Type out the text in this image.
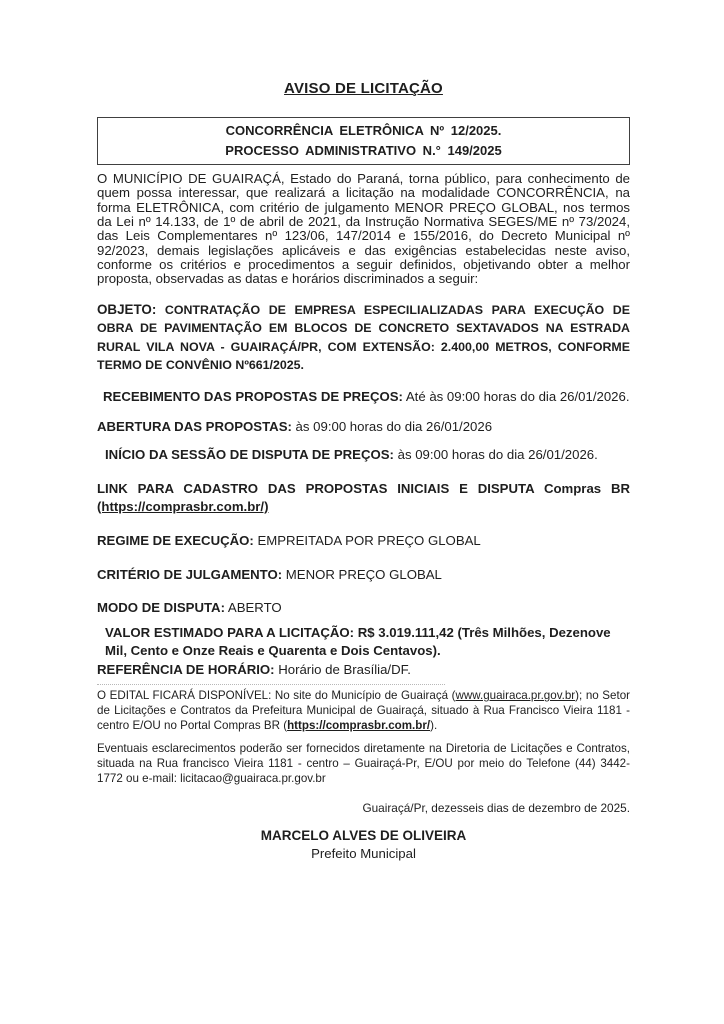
AVISO DE LICITAÇÃO

CONCORRÊNCIA ELETRÔNICA Nº 12/2025.

PROCESSO ADMINISTRATIVO N.° 149/2025

O MUNICÍPIO DE GUAIRAÇÁ, Estado do Paraná, torna público, para conhecimento de quem possa interessar, que realizará a licitação na modalidade CONCORRÊNCIA, na forma ELETRÔNICA, com critério de julgamento MENOR PREÇO GLOBAL, nos termos da Lei nº 14.133, de 1º de abril de 2021, da Instrução Normativa SEGES/ME nº 73/2024, das Leis Complementares nº 123/06, 147/2014 e 155/2016, do Decreto Municipal nº 92/2023, demais legislações aplicáveis e das exigências estabelecidas neste aviso, conforme os critérios e procedimentos a seguir definidos, objetivando obter a melhor proposta, observadas as datas e horários discriminados a seguir:

OBJETO: CONTRATAÇÃO DE EMPRESA ESPECILIALIZADAS PARA EXECUÇÃO DE OBRA DE PAVIMENTAÇÃO EM BLOCOS DE CONCRETO SEXTAVADOS NA ESTRADA RURAL VILA NOVA - GUAIRAÇÁ/PR, COM EXTENSÃO: 2.400,00 METROS, CONFORME TERMO DE CONVÊNIO Nº661/2025.

RECEBIMENTO DAS PROPOSTAS DE PREÇOS: Até às 09:00 horas do dia 26/01/2026.

ABERTURA DAS PROPOSTAS: às 09:00 horas do dia 26/01/2026

INÍCIO DA SESSÃO DE DISPUTA DE PREÇOS: às 09:00 horas do dia 26/01/2026.

LINK PARA CADASTRO DAS PROPOSTAS INICIAIS E DISPUTA Compras BR (https://comprasbr.com.br/)

REGIME DE EXECUÇÃO: EMPREITADA POR PREÇO GLOBAL

CRITÉRIO DE JULGAMENTO: MENOR PREÇO GLOBAL

MODO DE DISPUTA: ABERTO

VALOR ESTIMADO PARA A LICITAÇÃO: R$ 3.019.111,42 (Três Milhões, Dezenove Mil, Cento e Onze Reais e Quarenta e Dois Centavos).

REFERÊNCIA DE HORÁRIO: Horário de Brasília/DF.

O EDITAL FICARÁ DISPONÍVEL: No site do Município de Guairaçá (www.guairaca.pr.gov.br); no Setor de Licitações e Contratos da Prefeitura Municipal de Guairaçá, situado à Rua Francisco Vieira 1181 - centro E/OU no Portal Compras BR (https://comprasbr.com.br/).

Eventuais esclarecimentos poderão ser fornecidos diretamente na Diretoria de Licitações e Contratos, situada na Rua francisco Vieira 1181 - centro – Guairaçá-Pr, E/OU por meio do Telefone (44) 3442-1772 ou e-mail: licitacao@guairaca.pr.gov.br

Guairaçá/Pr, dezesseis dias de dezembro de 2025.

MARCELO ALVES DE OLIVEIRA

Prefeito Municipal
